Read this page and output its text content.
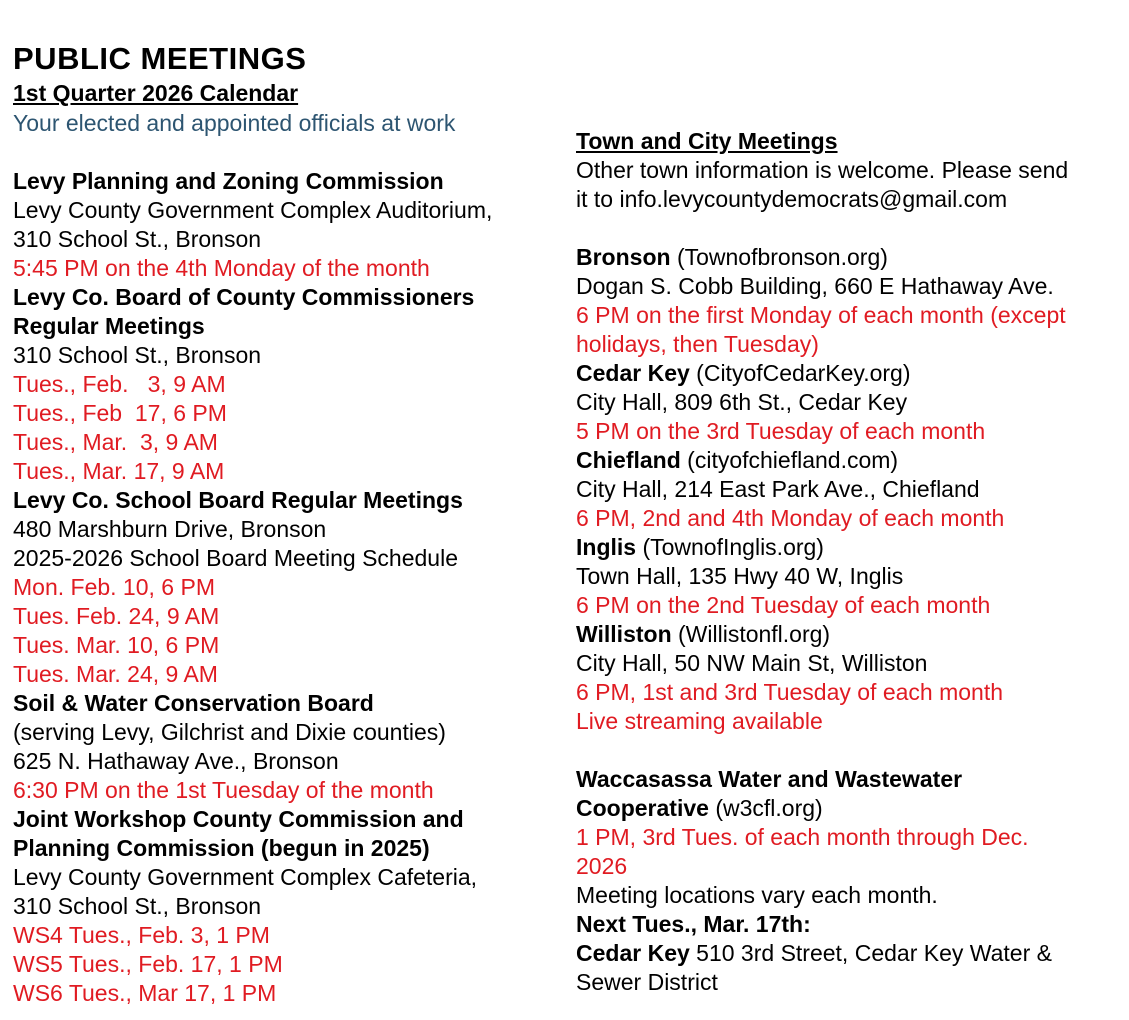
PUBLIC MEETINGS
1st Quarter 2026 Calendar
Your elected and appointed officials at work
Levy Planning and Zoning Commission
Levy County Government Complex Auditorium,
310 School St., Bronson
5:45 PM on the 4th Monday of the month
Levy Co. Board of County Commissioners
Regular Meetings
310 School St., Bronson
Tues., Feb.   3, 9 AM
Tues., Feb  17, 6 PM
Tues., Mar.  3, 9 AM
Tues., Mar. 17, 9 AM
Levy Co. School Board Regular Meetings
480 Marshburn Drive, Bronson
2025-2026 School Board Meeting Schedule
Mon. Feb. 10, 6 PM
Tues. Feb. 24, 9 AM
Tues. Mar. 10, 6 PM
Tues. Mar. 24, 9 AM
Soil & Water Conservation Board
(serving Levy, Gilchrist and Dixie counties)
625 N. Hathaway Ave., Bronson
6:30 PM on the 1st Tuesday of the month
Joint Workshop County Commission and
Planning Commission (begun in 2025)
Levy County Government Complex Cafeteria,
310 School St., Bronson
WS4 Tues., Feb. 3, 1 PM
WS5 Tues., Feb. 17, 1 PM
WS6 Tues., Mar 17, 1 PM
Town and City Meetings
Other town information is welcome. Please send
it to info.levycountydemocrats@gmail.com

Bronson (Townofbronson.org)
Dogan S. Cobb Building, 660 E Hathaway Ave.
6 PM on the first Monday of each month (except
holidays, then Tuesday)
Cedar Key (CityofCedarKey.org)
City Hall, 809 6th St., Cedar Key
5 PM on the 3rd Tuesday of each month
Chiefland (cityofchiefland.com)
City Hall, 214 East Park Ave., Chiefland
6 PM, 2nd and 4th Monday of each month
Inglis (TownofInglis.org)
Town Hall, 135 Hwy 40 W, Inglis
6 PM on the 2nd Tuesday of each month
Williston (Willistonfl.org)
City Hall, 50 NW Main St, Williston
6 PM, 1st and 3rd Tuesday of each month
Live streaming available

Waccasassa Water and Wastewater
Cooperative (w3cfl.org)
1 PM, 3rd Tues. of each month through Dec.
2026
Meeting locations vary each month.
Next Tues., Mar. 17th:
Cedar Key 510 3rd Street, Cedar Key Water &
Sewer District
